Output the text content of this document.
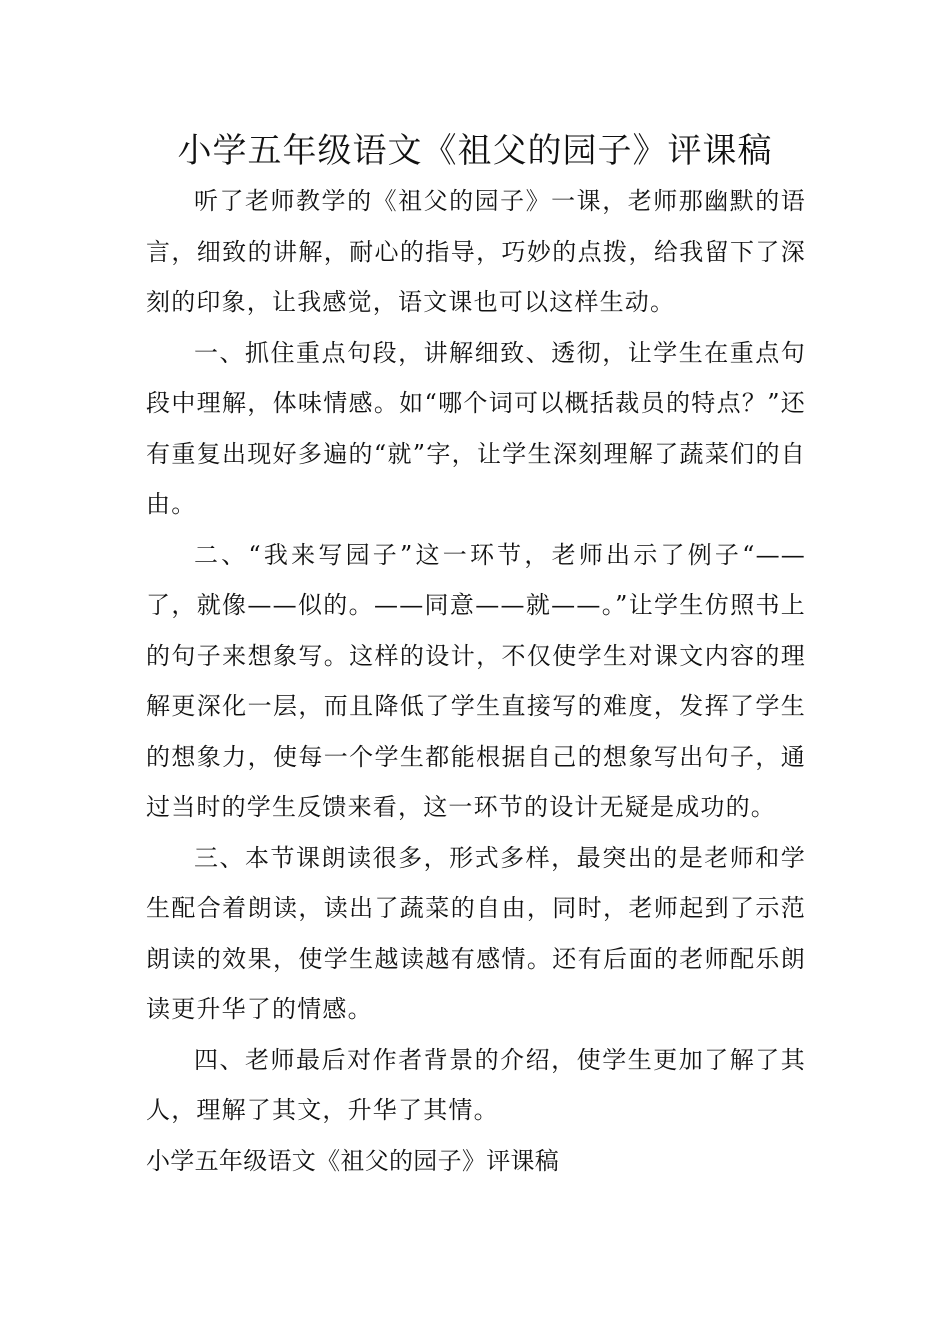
小学五年级语文《祖父的园子》评课稿

听了老师教学的《祖父的园子》一课，老师那幽默的语言，细致的讲解，耐心的指导，巧妙的点拨，给我留下了深刻的印象，让我感觉，语文课也可以这样生动。

一、抓住重点句段，讲解细致、透彻，让学生在重点句段中理解，体味情感。如“哪个词可以概括裁员的特点？”还有重复出现好多遍的“就”字，让学生深刻理解了蔬菜们的自由。

二、“我来写园子”这一环节，老师出示了例子“——了，就像——似的。——同意——就——。”让学生仿照书上的句子来想象写。这样的设计，不仅使学生对课文内容的理解更深化一层，而且降低了学生直接写的难度，发挥了学生的想象力，使每一个学生都能根据自己的想象写出句子，通过当时的学生反馈来看，这一环节的设计无疑是成功的。

三、本节课朗读很多，形式多样，最突出的是老师和学生配合着朗读，读出了蔬菜的自由，同时，老师起到了示范朗读的效果，使学生越读越有感情。还有后面的老师配乐朗读更升华了的情感。

四、老师最后对作者背景的介绍，使学生更加了解了其人，理解了其文，升华了其情。

小学五年级语文《祖父的园子》评课稿
